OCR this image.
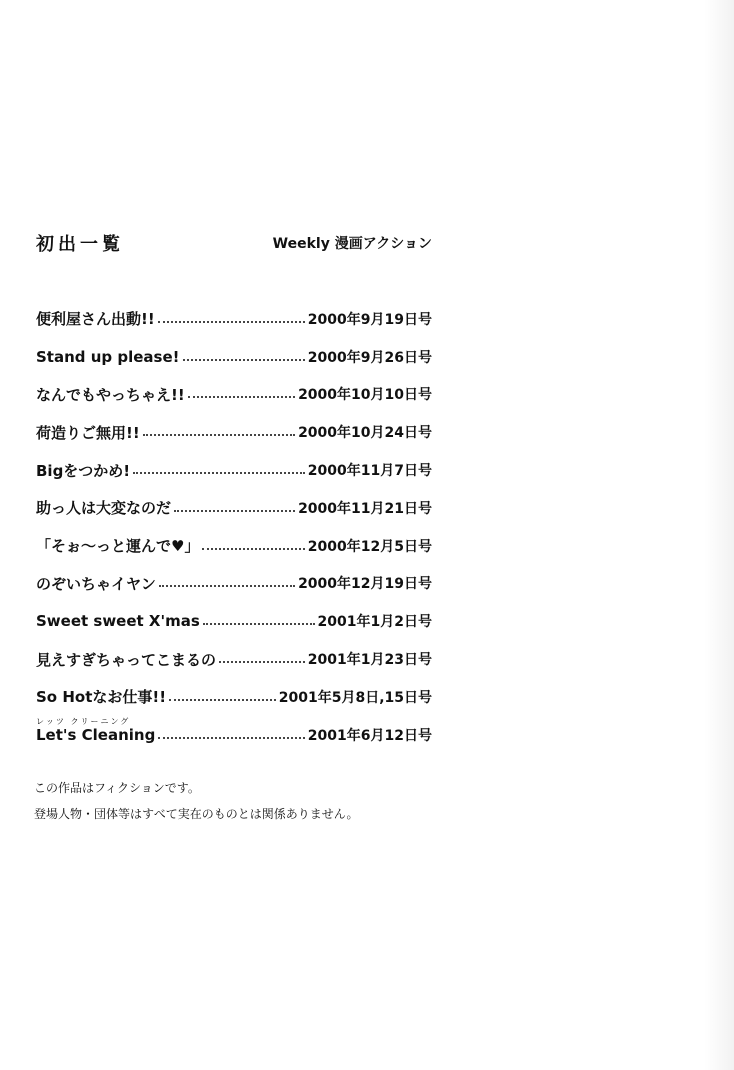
初出一覧	Weekly 漫画アクション
便利屋さん出動!!	2000年9月19日号
Stand up please!	2000年9月26日号
なんでもやっちゃえ!!	2000年10月10日号
荷造りご無用!!	2000年10月24日号
Bigをつかめ!	2000年11月7日号
助っ人は大変なのだ	2000年11月21日号
「そぉ〜っと運んで♥」	2000年12月5日号
のぞいちゃイヤン	2000年12月19日号
Sweet sweet X'mas	2001年1月2日号
見えすぎちゃってこまるの	2001年1月23日号
So Hotなお仕事!!	2001年5月8日,15日号
レッツ クリーニング
Let's Cleaning	2001年6月12日号
この作品はフィクションです。
登場人物・団体等はすべて実在のものとは関係ありません。
